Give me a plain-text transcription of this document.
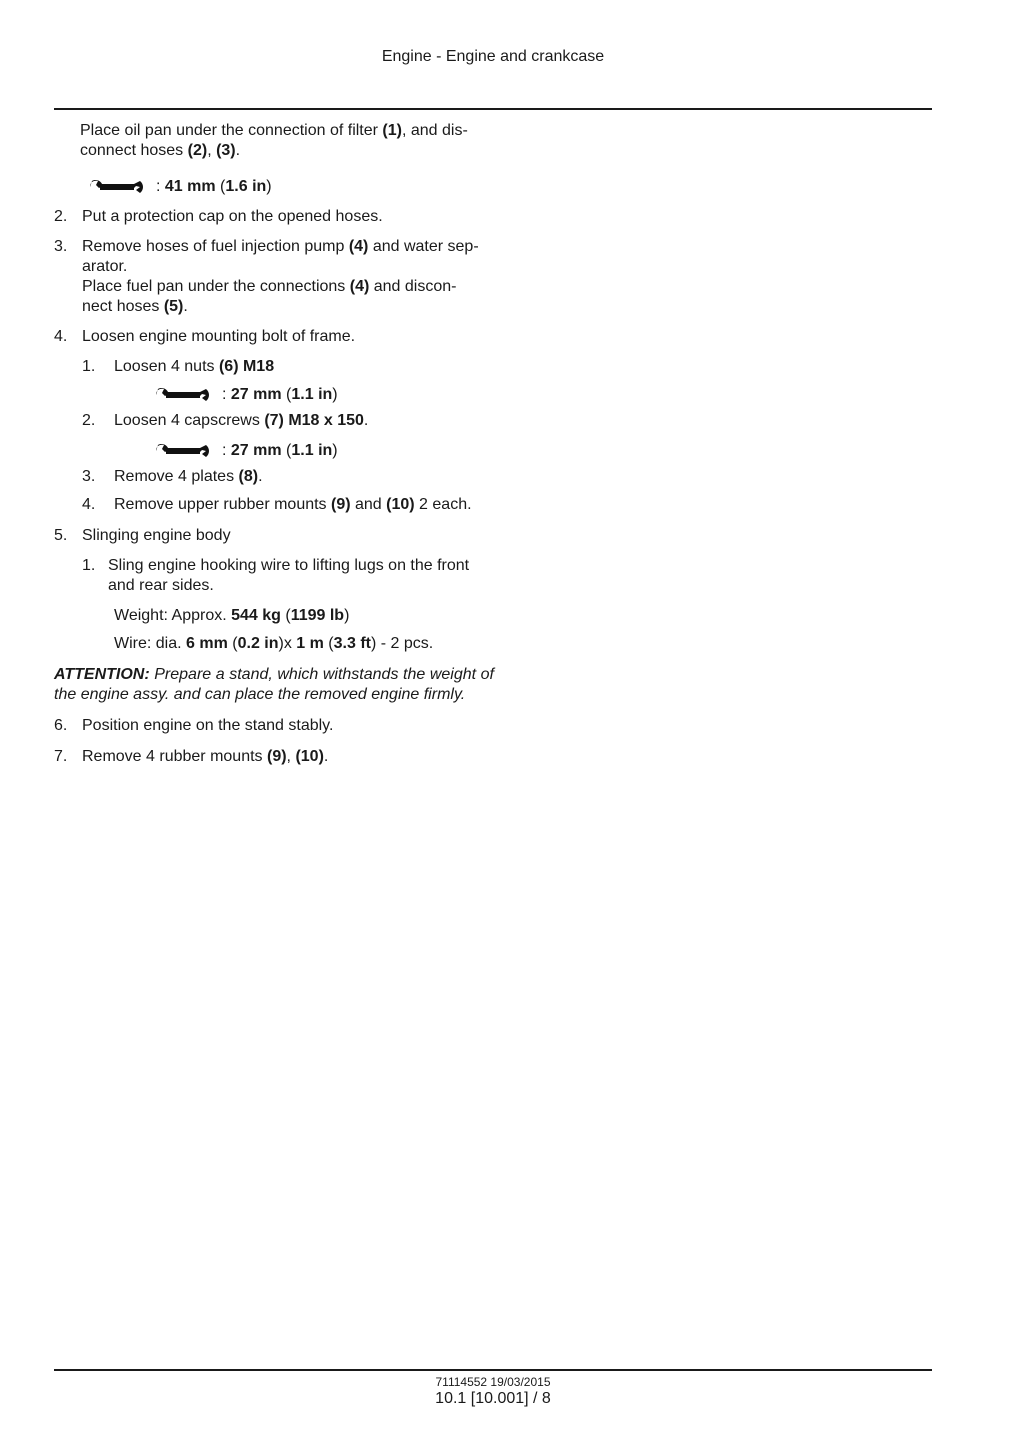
Engine - Engine and crankcase
Place oil pan under the connection of filter (1), and dis-
connect hoses (2), (3).
:
41 mm ( 1.6 in )
2. Put a protection cap on the opened hoses.
3. Remove hoses of fuel injection pump (4) and water sep-
arator.
Place fuel pan under the connections (4) and discon-
nect hoses (5).
4. Loosen engine mounting bolt of frame.
1. Loosen 4 nuts (6) M18
:
27 mm ( 1.1 in )
2. Loosen 4 capscrews (7) M18 x 150.
:
27 mm ( 1.1 in )
3. Remove 4 plates (8).
4. Remove upper rubber mounts (9) and (10) 2 each.
5. Slinging engine body
1. Sling engine hooking wire to lifting lugs on the front
and rear sides.
Weight: Approx. 544 kg (1199 lb)
Wire: dia. 6 mm (0.2 in)x 1 m (3.3 ft) - 2 pcs.
ATTENTION: Prepare a stand, which withstands the weight of the engine assy. and can place the removed engine firmly.
6. Position engine on the stand stably.
7. Remove 4 rubber mounts (9), (10).
71114552 19/03/2015
10.1 [10.001] / 8
